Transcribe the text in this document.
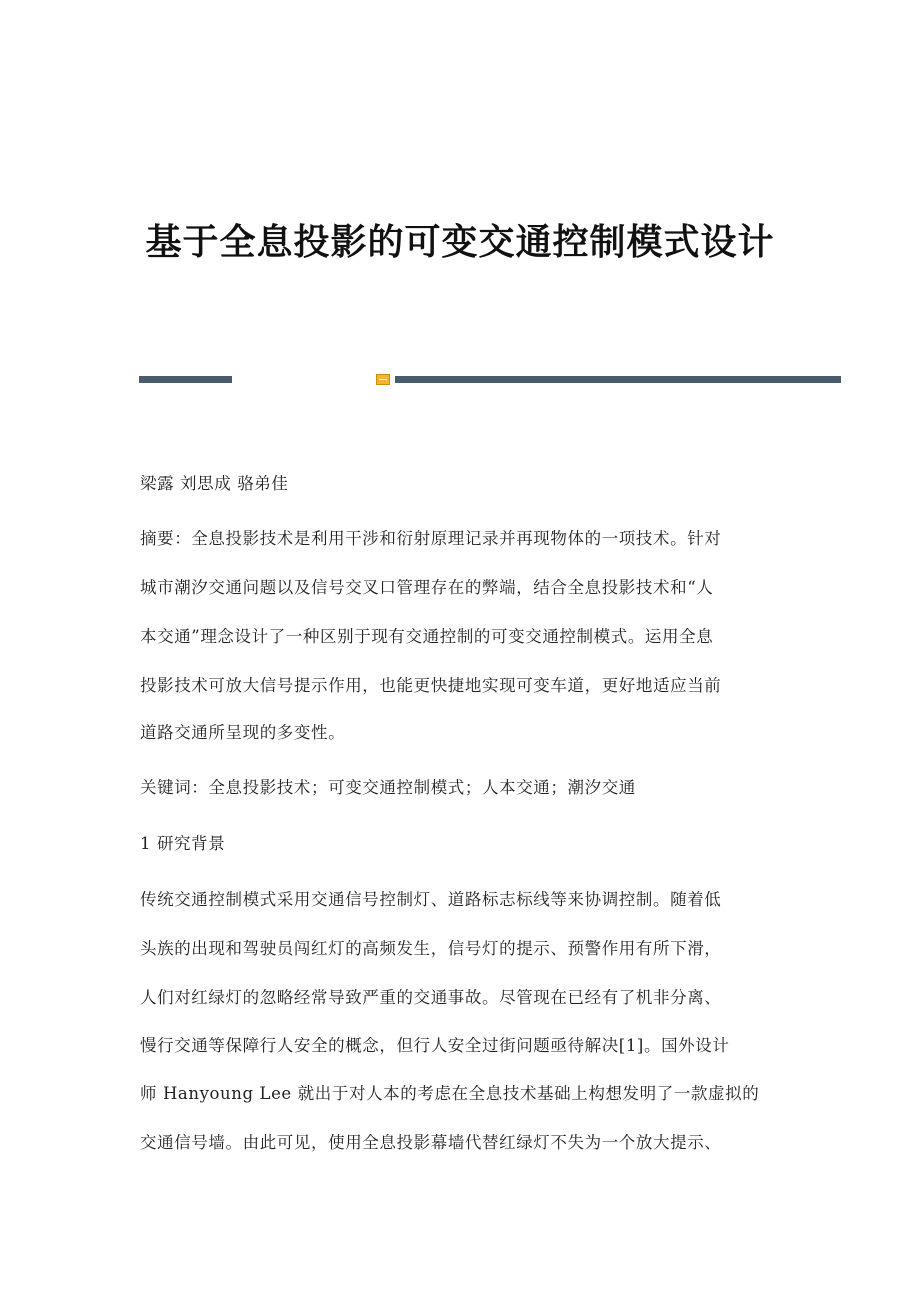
基于全息投影的可变交通控制模式设计
梁露 刘思成 骆弟佳
摘要：全息投影技术是利用干涉和衍射原理记录并再现物体的一项技术。针对
城市潮汐交通问题以及信号交叉口管理存在的弊端，结合全息投影技术和“人
本交通”理念设计了一种区别于现有交通控制的可变交通控制模式。运用全息
投影技术可放大信号提示作用，也能更快捷地实现可变车道，更好地适应当前
道路交通所呈现的多变性。
关键词：全息投影技术；可变交通控制模式；人本交通；潮汐交通
1 研究背景
传统交通控制模式采用交通信号控制灯、道路标志标线等来协调控制。随着低
头族的出现和驾驶员闯红灯的高频发生，信号灯的提示、预警作用有所下滑，
人们对红绿灯的忽略经常导致严重的交通事故。尽管现在已经有了机非分离、
慢行交通等保障行人安全的概念，但行人安全过街问题亟待解决[1]。国外设计
师 Hanyoung Lee 就出于对人本的考虑在全息技术基础上构想发明了一款虚拟的
交通信号墙。由此可见，使用全息投影幕墙代替红绿灯不失为一个放大提示、
